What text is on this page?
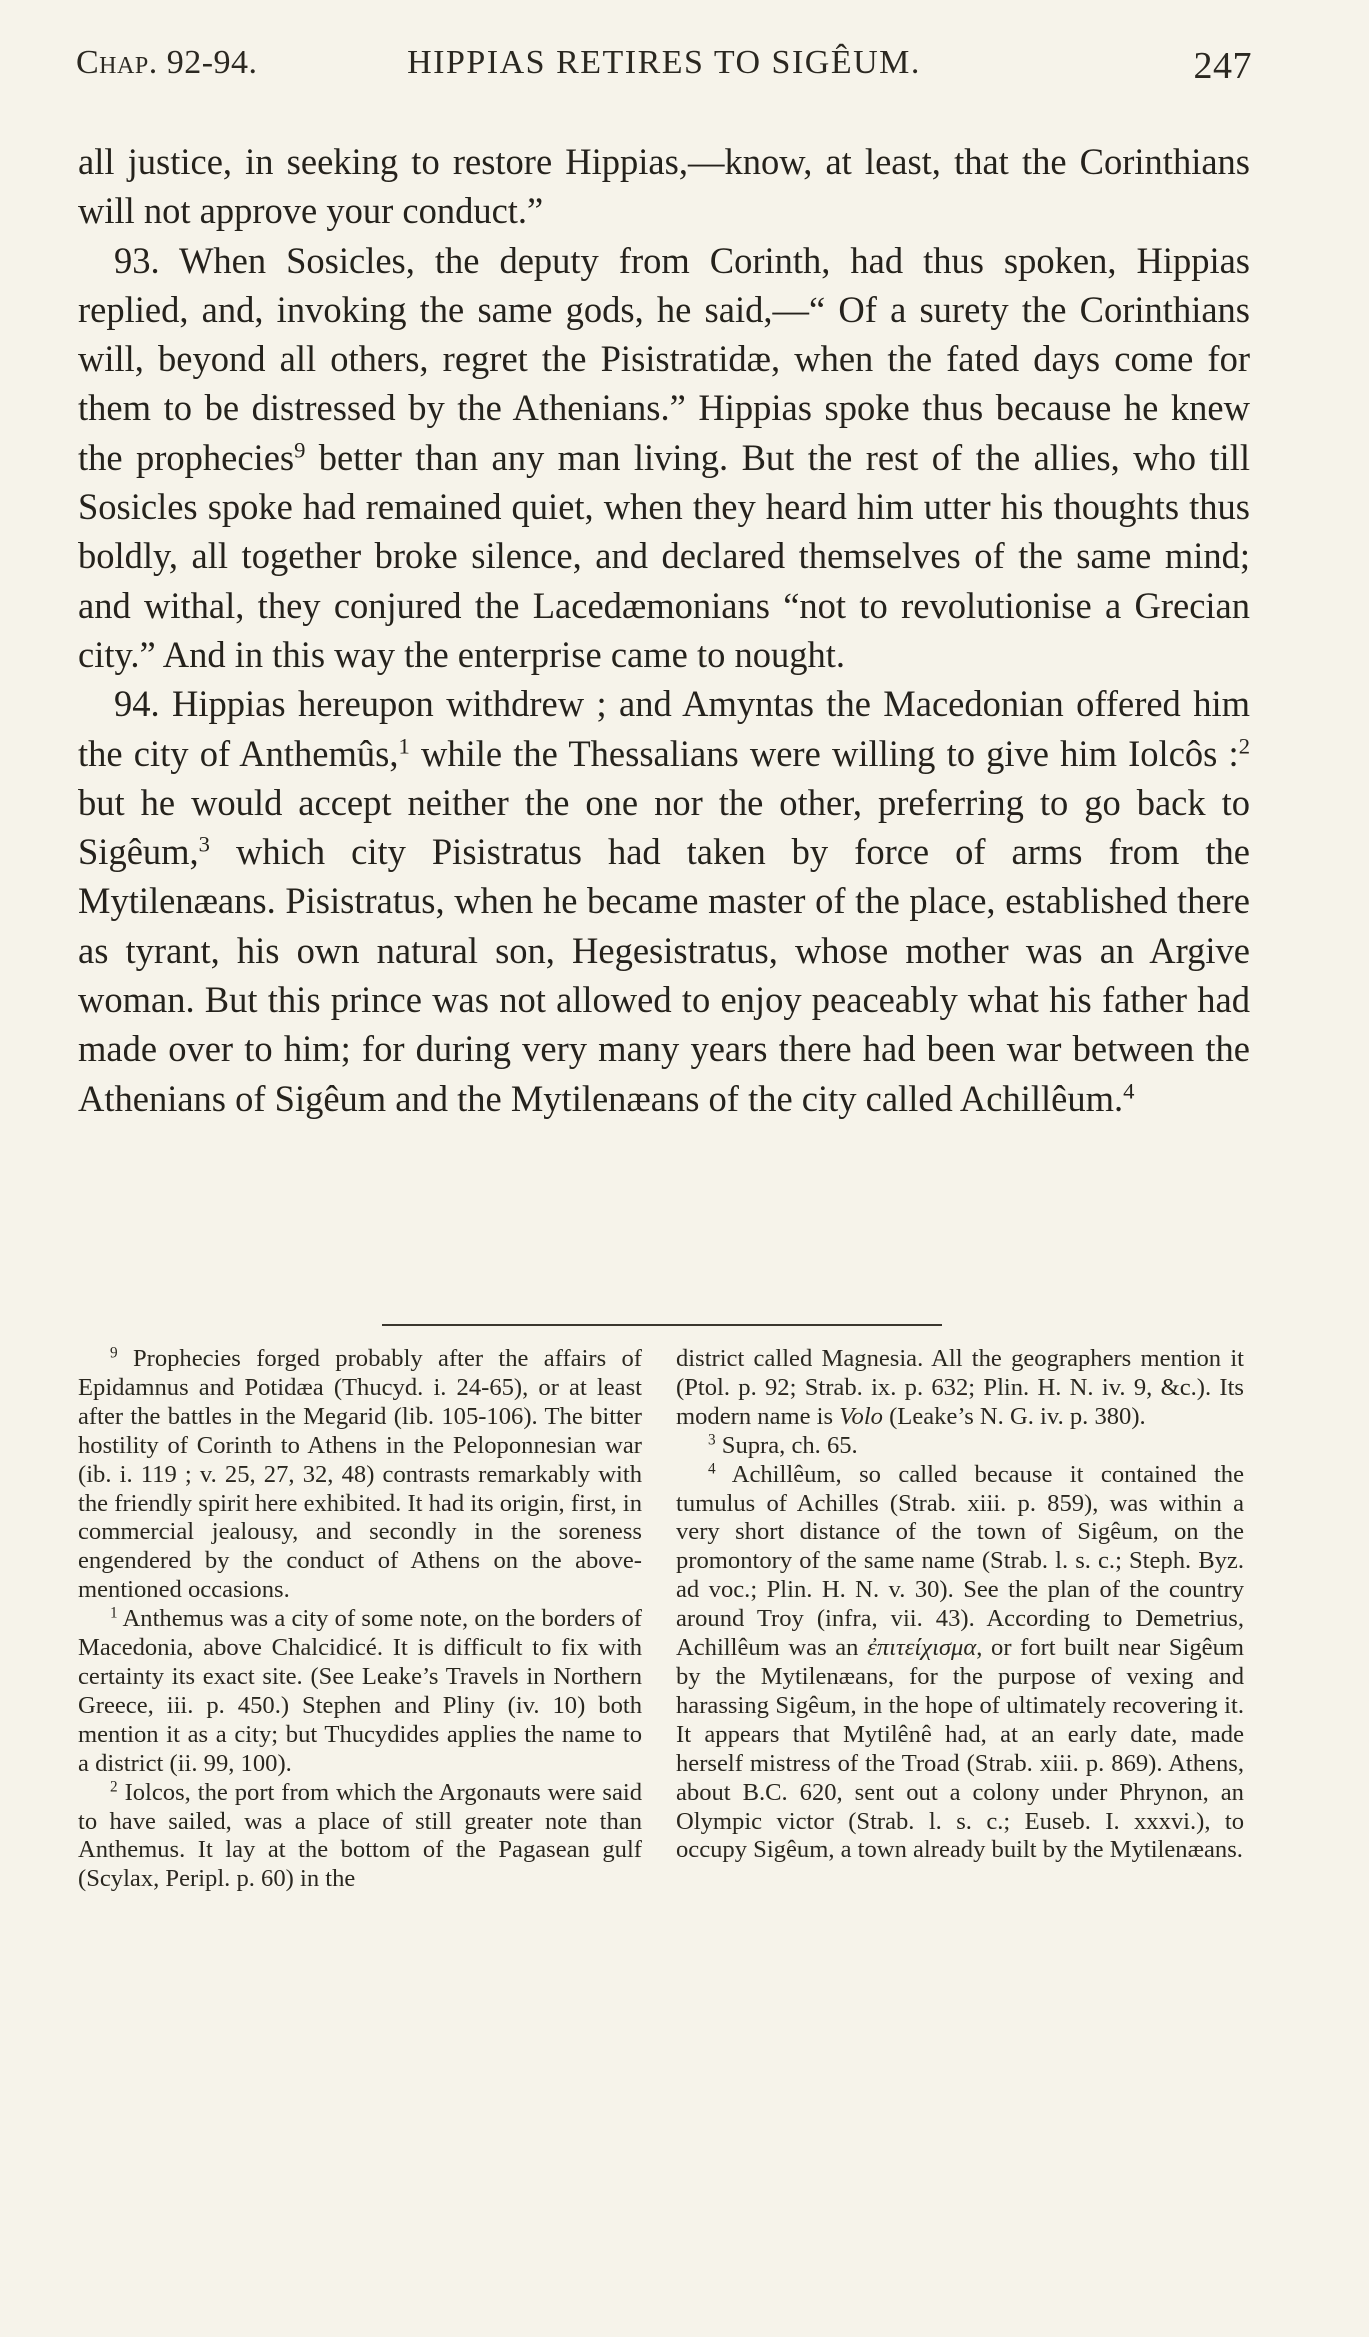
Chap. 92-94.	HIPPIAS RETIRES TO SIGÊUM.	247

all justice, in seeking to restore Hippias,—know, at least, that the Corinthians will not approve your conduct.”

93. When Sosicles, the deputy from Corinth, had thus spoken, Hippias replied, and, invoking the same gods, he said,—“ Of a surety the Corinthians will, beyond all others, regret the Pisistratidæ, when the fated days come for them to be distressed by the Athenians.” Hippias spoke thus because he knew the prophecies$^9$ better than any man living. But the rest of the allies, who till Sosicles spoke had remained quiet, when they heard him utter his thoughts thus boldly, all together broke silence, and declared themselves of the same mind; and withal, they conjured the Lacedæmonians “not to revolutionise a Grecian city.” And in this way the enterprise came to nought.

94. Hippias hereupon withdrew ; and Amyntas the Macedonian offered him the city of Anthemûs,$^1$ while the Thessalians were willing to give him Iolcôs :$^2$ but he would accept neither the one nor the other, preferring to go back to Sigêum,$^3$ which city Pisistratus had taken by force of arms from the Mytilenæans. Pisistratus, when he became master of the place, established there as tyrant, his own natural son, Hegesistratus, whose mother was an Argive woman. But this prince was not allowed to enjoy peaceably what his father had made over to him; for during very many years there had been war between the Athenians of Sigêum and the Mytilenæans of the city called Achillêum.$^4$

$^9$ Prophecies forged probably after the affairs of Epidamnus and Potidæa (Thucyd. i. 24-65), or at least after the battles in the Megarid (lib. 105-106). The bitter hostility of Corinth to Athens in the Peloponnesian war (ib. i. 119 ; v. 25, 27, 32, 48) contrasts remarkably with the friendly spirit here exhibited. It had its origin, first, in commercial jealousy, and secondly in the soreness engendered by the conduct of Athens on the above-mentioned occasions.

$^1$ Anthemus was a city of some note, on the borders of Macedonia, above Chalcidicé. It is difficult to fix with certainty its exact site. (See Leake’s Travels in Northern Greece, iii. p. 450.) Stephen and Pliny (iv. 10) both mention it as a city; but Thucydides applies the name to a district (ii. 99, 100).

$^2$ Iolcos, the port from which the Argonauts were said to have sailed, was a place of still greater note than Anthemus. It lay at the bottom of the Pagasean gulf (Scylax, Peripl. p. 60) in the

district called Magnesia. All the geographers mention it (Ptol. p. 92; Strab. ix. p. 632; Plin. H. N. iv. 9, &c.). Its modern name is Volo (Leake’s N. G. iv. p. 380).

$^3$ Supra, ch. 65.

$^4$ Achillêum, so called because it contained the tumulus of Achilles (Strab. xiii. p. 859), was within a very short distance of the town of Sigêum, on the promontory of the same name (Strab. l. s. c.; Steph. Byz. ad voc.; Plin. H. N. v. 30). See the plan of the country around Troy (infra, vii. 43). According to Demetrius, Achillêum was an ἐπιτείχισμα, or fort built near Sigêum by the Mytilenæans, for the purpose of vexing and harassing Sigêum, in the hope of ultimately recovering it. It appears that Mytilênê had, at an early date, made herself mistress of the Troad (Strab. xiii. p. 869). Athens, about B.C. 620, sent out a colony under Phrynon, an Olympic victor (Strab. l. s. c.; Euseb. I. xxxvi.), to occupy Sigêum, a town already built by the Mytilenæans.
